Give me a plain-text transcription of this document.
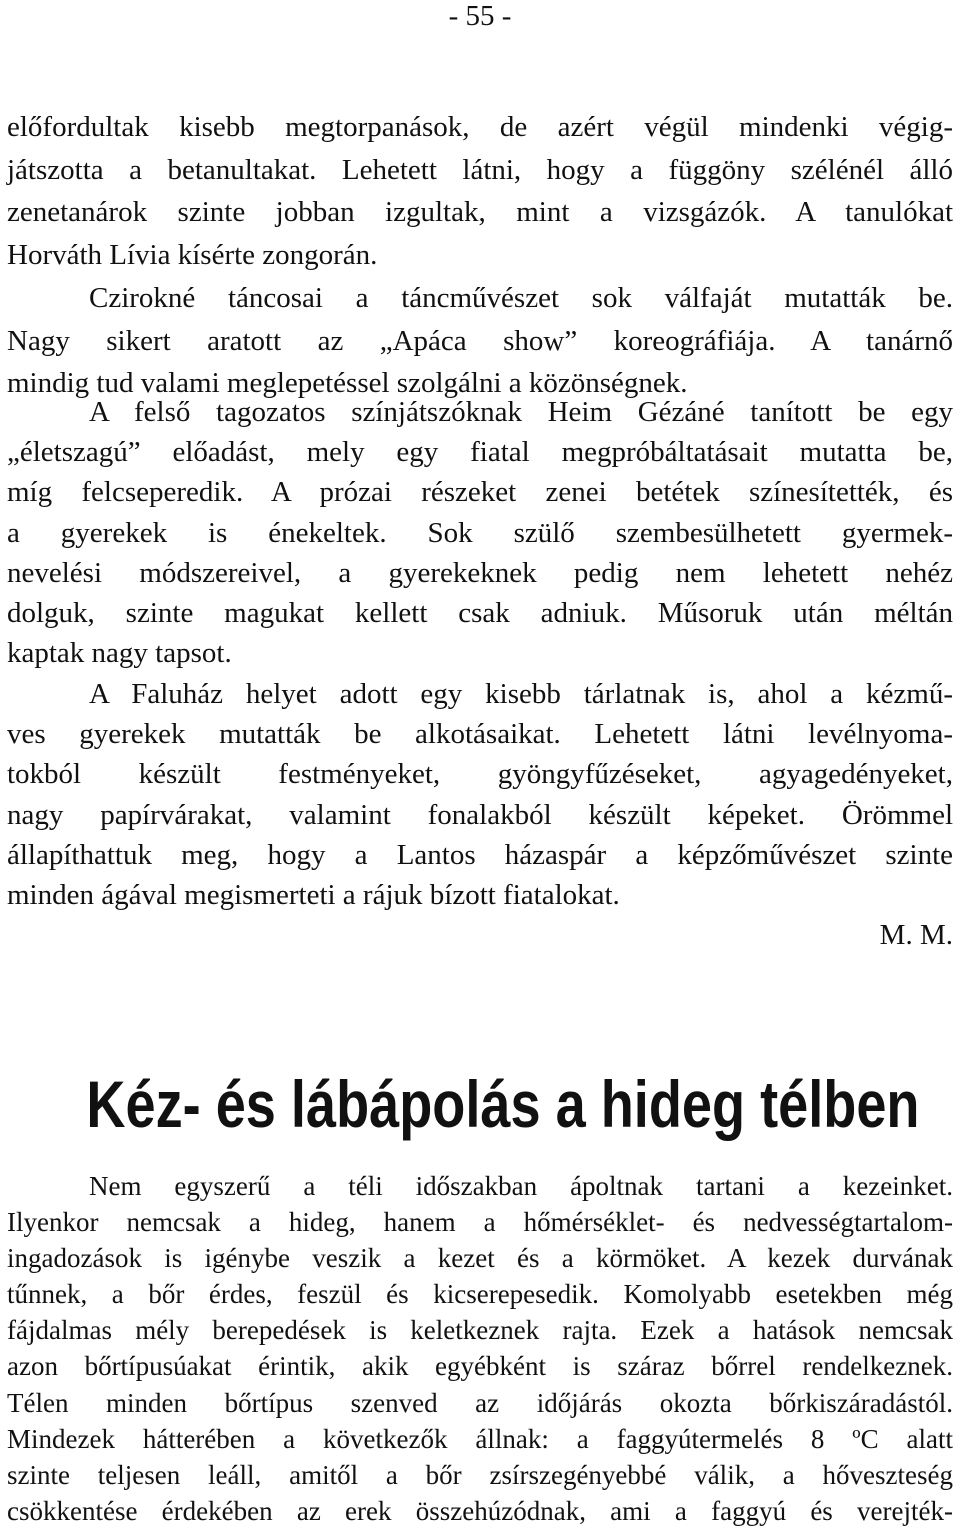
- 55 -
előfordultak kisebb megtorpanások, de azért végül mindenki végig-
játszotta a betanultakat. Lehetett látni, hogy a függöny szélénél álló
zenetanárok szinte jobban izgultak, mint a vizsgázók. A tanulókat
Horváth Lívia kísérte zongorán.
Czirokné táncosai a táncművészet sok válfaját mutatták be.
Nagy sikert aratott az „Apáca show” koreográfiája. A tanárnő
mindig tud valami meglepetéssel szolgálni a közönségnek.
A felső tagozatos színjátszóknak Heim Gézáné tanított be egy
„életszagú” előadást, mely egy fiatal megpróbáltatásait mutatta be,
míg felcseperedik. A prózai részeket zenei betétek színesítették, és
a gyerekek is énekeltek. Sok szülő szembesülhetett gyermek-
nevelési módszereivel, a gyerekeknek pedig nem lehetett nehéz
dolguk, szinte magukat kellett csak adniuk. Műsoruk után méltán
kaptak nagy tapsot.
A Faluház helyet adott egy kisebb tárlatnak is, ahol a kézmű-
ves gyerekek mutatták be alkotásaikat. Lehetett látni levélnyoma-
tokból készült festményeket, gyöngyfűzéseket, agyagedényeket,
nagy papírvárakat, valamint fonalakból készült képeket. Örömmel
állapíthattuk meg, hogy a Lantos házaspár a képzőművészet szinte
minden ágával megismerteti a rájuk bízott fiatalokat.
M. M.
Kéz- és lábápolás a hideg télben
Nem egyszerű a téli időszakban ápoltnak tartani a kezeinket.
Ilyenkor nemcsak a hideg, hanem a hőmérséklet- és nedvességtartalom-
ingadozások is igénybe veszik a kezet és a körmöket. A kezek durvának
tűnnek, a bőr érdes, feszül és kicserepesedik. Komolyabb esetekben még
fájdalmas mély berepedések is keletkeznek rajta. Ezek a hatások nemcsak
azon bőrtípusúakat érintik, akik egyébként is száraz bőrrel rendelkeznek.
Télen minden bőrtípus szenved az időjárás okozta bőrkiszáradástól.
Mindezek hátterében a következők állnak: a faggyútermelés 8 ºC alatt
szinte teljesen leáll, amitől a bőr zsírszegényebbé válik, a hőveszteség
csökkentése érdekében az erek összehúzódnak, ami a faggyú és verejték-
